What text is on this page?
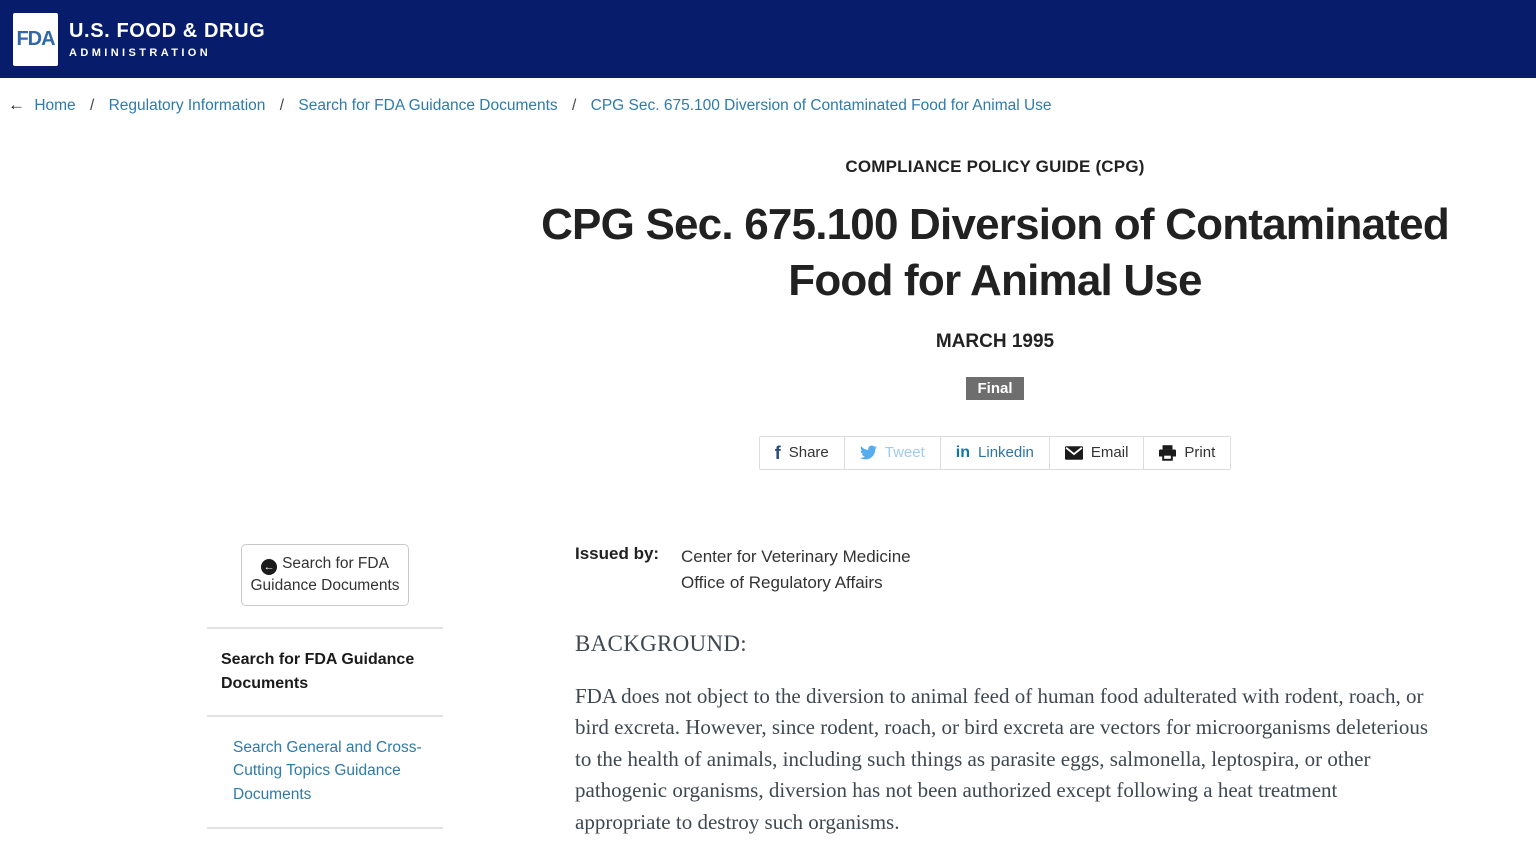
FDA U.S. FOOD & DRUG
ADMINISTRATION
← Home / Regulatory Information / Search for FDA Guidance Documents / CPG Sec. 675.100 Diversion of Contaminated Food for Animal Use
COMPLIANCE POLICY GUIDE (CPG)
CPG Sec. 675.100 Diversion of Contaminated
Food for Animal Use
MARCH 1995
Final
f Share	Tweet in Linkedin	Email	Print
← Search for FDA Guidance Documents
Search for FDA Guidance Documents
Search General and Cross-Cutting Topics Guidance Documents
Issued by:	Center for Veterinary Medicine
Office of Regulatory Affairs
BACKGROUND:

FDA does not object to the diversion to animal feed of human food adulterated with rodent, roach, or bird excreta. However, since rodent, roach, or bird excreta are vectors for microorganisms deleterious to the health of animals, including such things as parasite eggs, salmonella, leptospira, or other pathogenic organisms, diversion has not been authorized except following a heat treatment appropriate to destroy such organisms.
